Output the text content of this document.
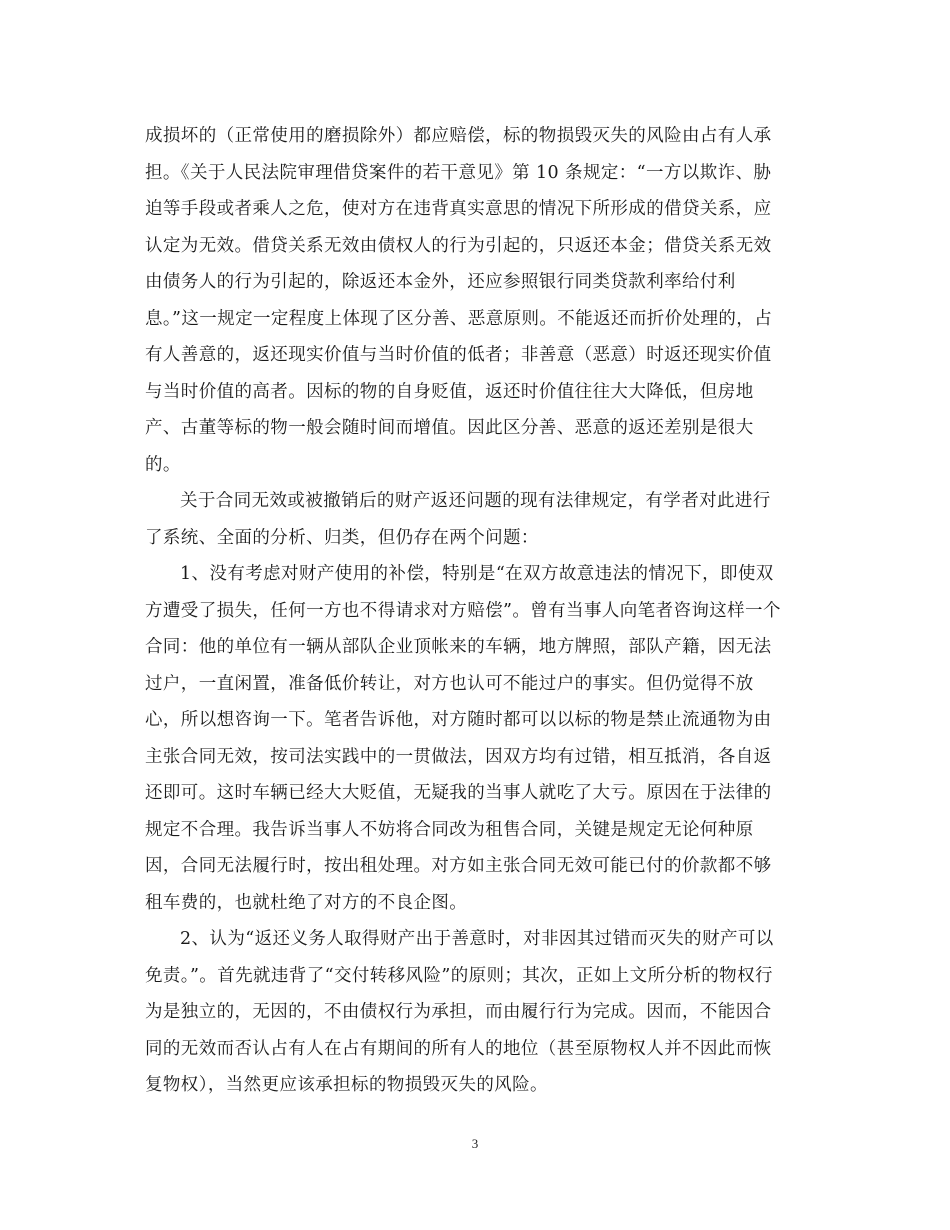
成损坏的（正常使用的磨损除外）都应赔偿，标的物损毁灭失的风险由占有人承
担。《关于人民法院审理借贷案件的若干意见》第 10 条规定：“一方以欺诈、胁
迫等手段或者乘人之危，使对方在违背真实意思的情况下所形成的借贷关系，应
认定为无效。借贷关系无效由债权人的行为引起的，只返还本金；借贷关系无效
由债务人的行为引起的，除返还本金外，还应参照银行同类贷款利率给付利
息。”这一规定一定程度上体现了区分善、恶意原则。不能返还而折价处理的，占
有人善意的，返还现实价值与当时价值的低者；非善意（恶意）时返还现实价值
与当时价值的高者。因标的物的自身贬值，返还时价值往往大大降低，但房地
产、古董等标的物一般会随时间而增值。因此区分善、恶意的返还差别是很大
的。
关于合同无效或被撤销后的财产返还问题的现有法律规定，有学者对此进行
了系统、全面的分析、归类，但仍存在两个问题：
1、没有考虑对财产使用的补偿，特别是“在双方故意违法的情况下，即使双
方遭受了损失，任何一方也不得请求对方赔偿”。曾有当事人向笔者咨询这样一个
合同：他的单位有一辆从部队企业顶帐来的车辆，地方牌照，部队产籍，因无法
过户，一直闲置，准备低价转让，对方也认可不能过户的事实。但仍觉得不放
心，所以想咨询一下。笔者告诉他，对方随时都可以以标的物是禁止流通物为由
主张合同无效，按司法实践中的一贯做法，因双方均有过错，相互抵消，各自返
还即可。这时车辆已经大大贬值，无疑我的当事人就吃了大亏。原因在于法律的
规定不合理。我告诉当事人不妨将合同改为租售合同，关键是规定无论何种原
因，合同无法履行时，按出租处理。对方如主张合同无效可能已付的价款都不够
租车费的，也就杜绝了对方的不良企图。
2、认为“返还义务人取得财产出于善意时，对非因其过错而灭失的财产可以
免责。”。首先就违背了“交付转移风险”的原则；其次，正如上文所分析的物权行
为是独立的，无因的，不由债权行为承担，而由履行行为完成。因而，不能因合
同的无效而否认占有人在占有期间的所有人的地位（甚至原物权人并不因此而恢
复物权），当然更应该承担标的物损毁灭失的风险。
3
